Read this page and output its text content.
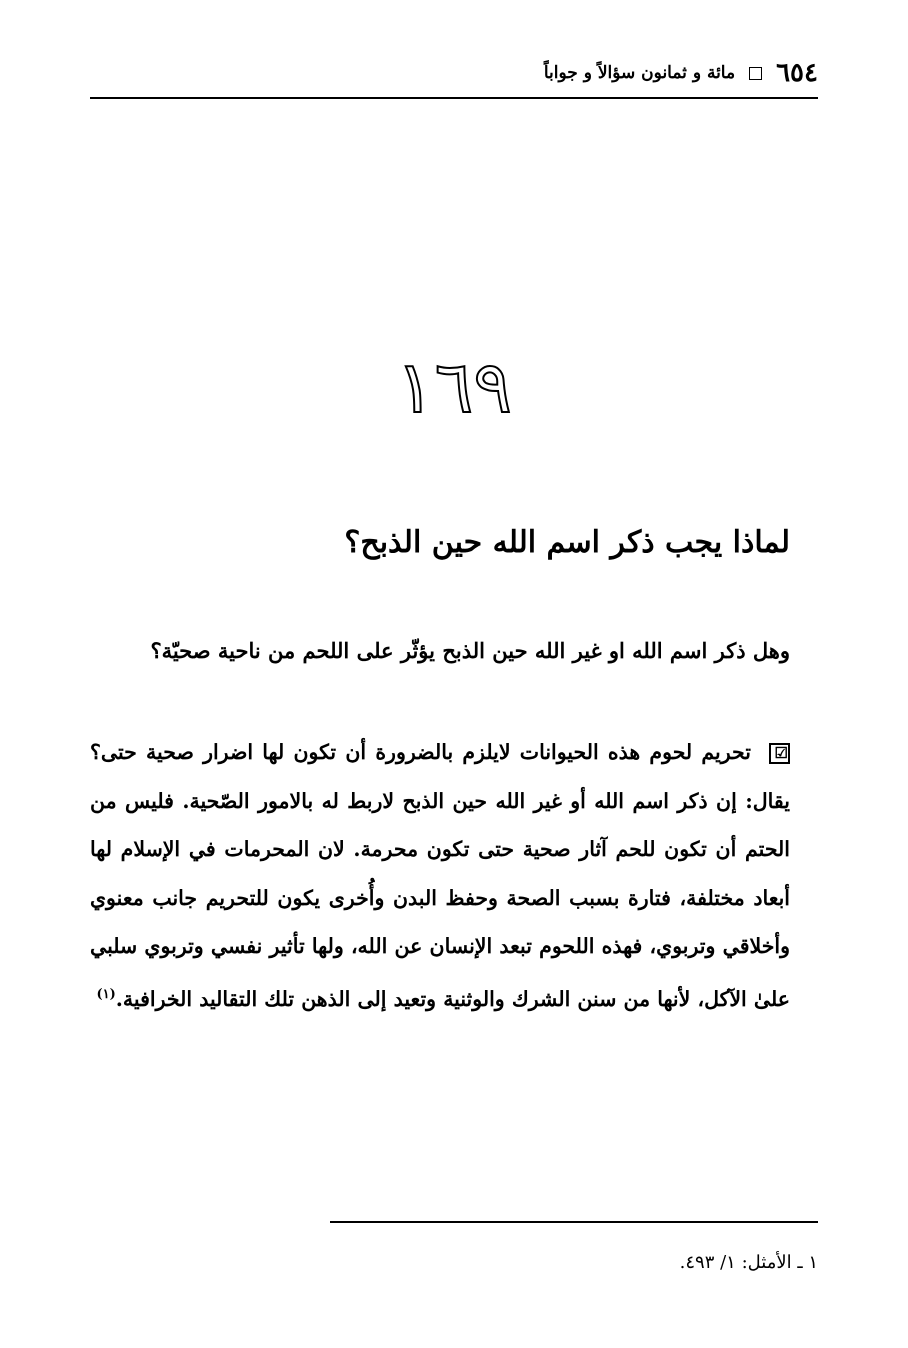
٦٥٤
مائة و ثمانون سؤالاً و جواباً
١٦٩
لماذا يجب ذكر اسم الله حين الذبح؟
وهل ذكر اسم الله او غير الله حين الذبح يؤثّر على اللحم من ناحية صحيّة؟
☑تحريم لحوم هذه الحيوانات لايلزم بالضرورة أن تكون لها اضرار صحية حتى؟ يقال: إن ذكر اسم الله أو غير الله حين الذبح لاربط له بالامور الصّحية. فليس من الحتم أن تكون للحم آثار صحية حتى تكون محرمة. لان المحرمات في الإسلام لها أبعاد مختلفة، فتارة بسبب الصحة وحفظ البدن وأُخرى يكون للتحريم جانب معنوي وأخلاقي وتربوي، فهذه اللحوم تبعد الإنسان عن الله، ولها تأثير نفسي وتربوي سلبي علىٰ الآكل، لأنها من سنن الشرك والوثنية وتعيد إلى الذهن تلك التقاليد الخرافية.$^{(١)}$
١ ـ الأمثل: ١/ ٤٩٣.
